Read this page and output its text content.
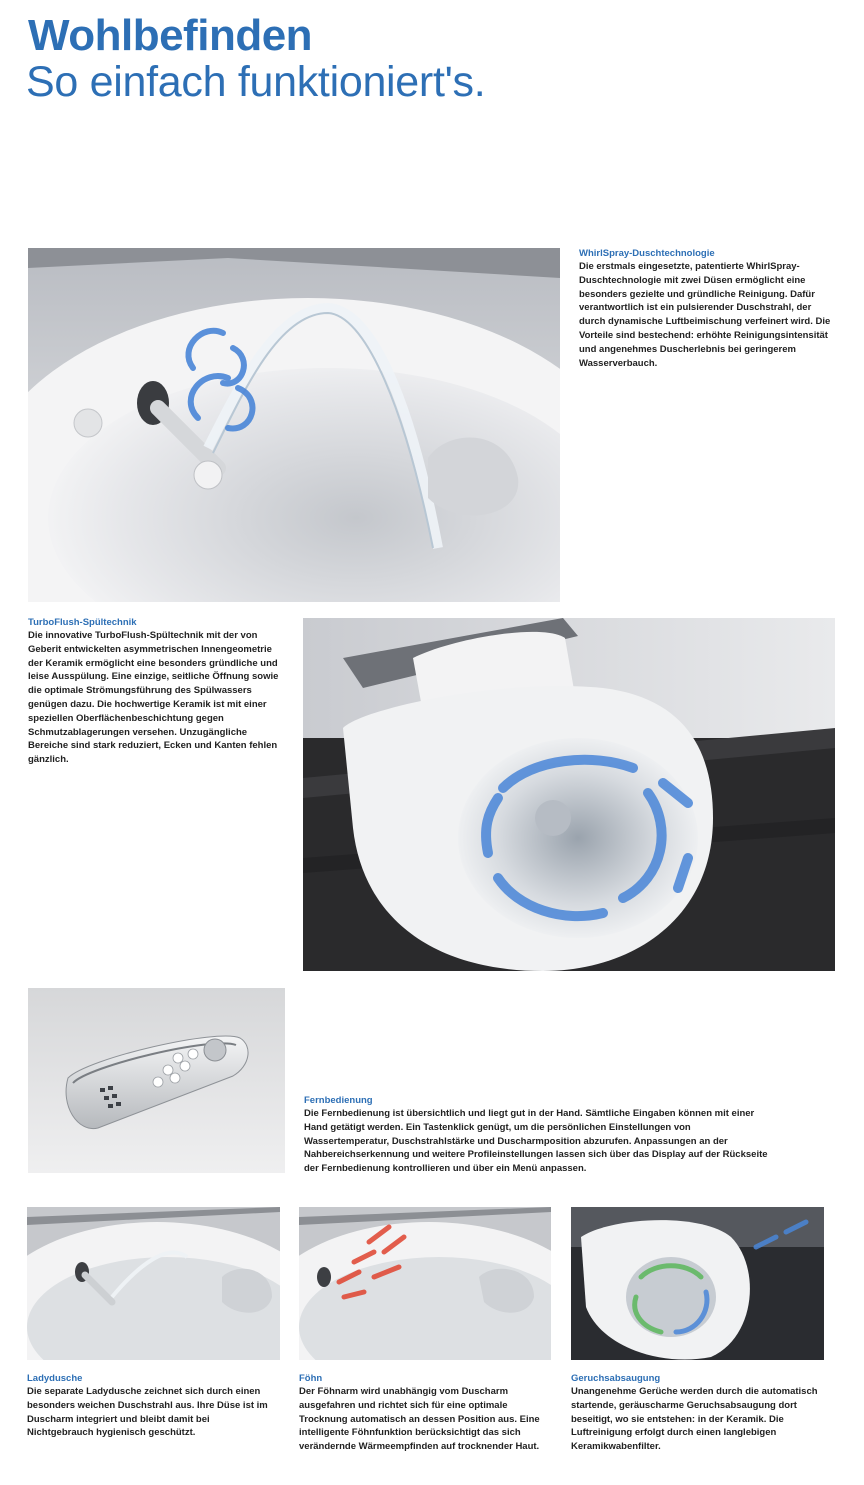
Wohlbefinden
So einfach funktioniert's.
WhirlSpray-Duschtechnologie
Die erstmals eingesetzte, patentierte WhirlSpray-Duschtechnologie mit zwei Düsen ermöglicht eine besonders gezielte und gründliche Reinigung. Dafür verantwortlich ist ein pulsierender Duschstrahl, der durch dynamische Luftbeimischung verfeinert wird. Die Vorteile sind bestechend: erhöhte Reinigungsintensität und angenehmes Duscherlebnis bei geringerem Wasserverbauch.
TurboFlush-Spültechnik
Die innovative TurboFlush-Spültechnik mit der von Geberit entwickelten asymmetrischen Innengeometrie der Keramik ermöglicht eine besonders gründliche und leise Ausspülung. Eine einzige, seitliche Öffnung sowie die optimale Strömungsführung des Spülwassers genügen dazu. Die hochwertige Keramik ist mit einer speziellen Oberflächenbeschichtung gegen Schmutzablagerungen versehen. Unzugängliche Bereiche sind stark reduziert, Ecken und Kanten fehlen gänzlich.
Fernbedienung
Die Fernbedienung ist übersichtlich und liegt gut in der Hand. Sämtliche Eingaben können mit einer Hand getätigt werden. Ein Tastenklick genügt, um die persönlichen Einstellungen von Wassertemperatur, Duschstrahlstärke und Duscharmposition abzurufen. Anpassungen an der Nahbereichserkennung und weitere Profileinstellungen lassen sich über das Display auf der Rückseite der Fernbedienung kontrollieren und über ein Menü anpassen.
Ladydusche
Die separate Ladydusche zeichnet sich durch einen besonders weichen Duschstrahl aus. Ihre Düse ist im Duscharm integriert und bleibt damit bei Nichtgebrauch hygienisch geschützt.
Föhn
Der Föhnarm wird unabhängig vom Duscharm ausgefahren und richtet sich für eine optimale Trocknung automatisch an dessen Position aus. Eine intelligente Föhnfunktion berücksichtigt das sich verändernde Wärmeempfinden auf trocknender Haut.
Geruchsabsaugung
Unangenehme Gerüche werden durch die automatisch startende, geräuscharme Geruchsabsaugung dort beseitigt, wo sie entstehen: in der Keramik. Die Luftreinigung erfolgt durch einen langlebigen Keramikwabenfilter.
